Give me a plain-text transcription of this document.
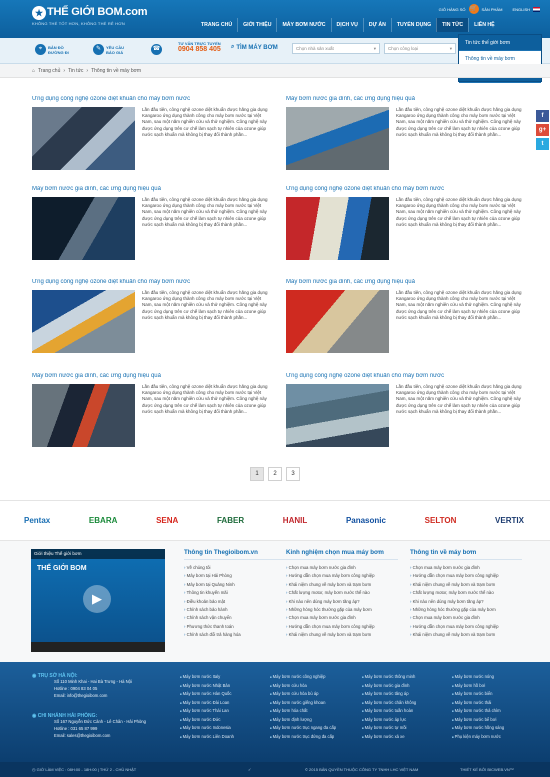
★ THẾ GIỚI BOM.com
KHÔNG THỂ TỐT HƠN, KHÔNG THỂ RẺ HƠN
GIỎ HÀNG SỐ 🛒	SẢN PHẨM	ENGLISH
TRANG CHỦ	GIỚI THIỆU	MÁY BƠM NƯỚC	DỊCH VỤ	DỰ ÁN	TUYỂN DỤNG	TIN TỨC	LIÊN HỆ
⌖	BẢN ĐỒ
ĐƯỜNG ĐI	✎	YÊU CẦU
BÁO GIÁ	☎
TƯ VẤN TRỰC TUYẾN
0904 858 405 ⌕ TÌM MÁY BƠM	Chọn nhà sản xuất	▾	Chọn công loại	▾
Tin tức thế giới bơm
Thông tin về máy bơm
⌂ Trang chủ › Tin tức › Thông tin về máy bơm
f
g+
t
Ứng dụng công nghệ ozone diệt khuẩn cho máy bơm nước
Lần đầu tiên, công nghệ ozone diệt khuẩn được hãng gia dụng Kangaroo ứng dụng thành công cho máy bơm nước tại Việt Nam, sau một năm nghiên cứu và thử nghiệm. Công nghệ này được ứng dụng trên cơ chế làm sạch tự nhiên của ozone giúp nước sạch khuẩn mà không bị thay đổi thành phần...
Máy bơm nước gia đình, các ứng dụng hiệu quả
Lần đầu tiên, công nghệ ozone diệt khuẩn được hãng gia dụng Kangaroo ứng dụng thành công cho máy bơm nước tại Việt Nam, sau một năm nghiên cứu và thử nghiệm. Công nghệ này được ứng dụng trên cơ chế làm sạch tự nhiên của ozone giúp nước sạch khuẩn mà không bị thay đổi thành phần...
Máy bơm nước gia đình, các ứng dụng hiệu quả
Lần đầu tiên, công nghệ ozone diệt khuẩn được hãng gia dụng Kangaroo ứng dụng thành công cho máy bơm nước tại Việt Nam, sau một năm nghiên cứu và thử nghiệm. Công nghệ này được ứng dụng trên cơ chế làm sạch tự nhiên của ozone giúp nước sạch khuẩn mà không bị thay đổi thành phần...
Ứng dụng công nghệ ozone diệt khuẩn cho máy bơm nước
Lần đầu tiên, công nghệ ozone diệt khuẩn được hãng gia dụng Kangaroo ứng dụng thành công cho máy bơm nước tại Việt Nam, sau một năm nghiên cứu và thử nghiệm. Công nghệ này được ứng dụng trên cơ chế làm sạch tự nhiên của ozone giúp nước sạch khuẩn mà không bị thay đổi thành phần...
Ứng dụng công nghệ ozone diệt khuẩn cho máy bơm nước
Lần đầu tiên, công nghệ ozone diệt khuẩn được hãng gia dụng Kangaroo ứng dụng thành công cho máy bơm nước tại Việt Nam, sau một năm nghiên cứu và thử nghiệm. Công nghệ này được ứng dụng trên cơ chế làm sạch tự nhiên của ozone giúp nước sạch khuẩn mà không bị thay đổi thành phần...
Máy bơm nước gia đình, các ứng dụng hiệu quả
Lần đầu tiên, công nghệ ozone diệt khuẩn được hãng gia dụng Kangaroo ứng dụng thành công cho máy bơm nước tại Việt Nam, sau một năm nghiên cứu và thử nghiệm. Công nghệ này được ứng dụng trên cơ chế làm sạch tự nhiên của ozone giúp nước sạch khuẩn mà không bị thay đổi thành phần...
Máy bơm nước gia đình, các ứng dụng hiệu quả
Lần đầu tiên, công nghệ ozone diệt khuẩn được hãng gia dụng Kangaroo ứng dụng thành công cho máy bơm nước tại Việt Nam, sau một năm nghiên cứu và thử nghiệm. Công nghệ này được ứng dụng trên cơ chế làm sạch tự nhiên của ozone giúp nước sạch khuẩn mà không bị thay đổi thành phần...
Ứng dụng công nghệ ozone diệt khuẩn cho máy bơm nước
Lần đầu tiên, công nghệ ozone diệt khuẩn được hãng gia dụng Kangaroo ứng dụng thành công cho máy bơm nước tại Việt Nam, sau một năm nghiên cứu và thử nghiệm. Công nghệ này được ứng dụng trên cơ chế làm sạch tự nhiên của ozone giúp nước sạch khuẩn mà không bị thay đổi thành phần...
1	2	3
Pentax	EBARA	SENA	FABER	HANIL	Panasonic	SELTON	VERTIX
Giới thiệu Thế giới bơm
THẾ GIỚI BOM
▶
Thông tin Thegioibom.vn
› Về chúng tôi
› Máy bơm tại Hải Phòng
› Máy bơm tại Quảng Ninh
› Thông tin khuyến mãi
› Điều khoản bảo mật
› Chính sách bảo hành
› Chính sách vận chuyển
› Phương thức thanh toán
› Chính sách đổi trả hàng hóa
Kinh nghiệm chọn mua máy bơm
› Chọn mua máy bơm nước gia đình
› Hướng dẫn chọn mua máy bơm công nghiệp
› Khái niệm chung về máy bơm và trạm bơm
› Chất lượng motor, máy bơm nước thế nào
› Khi nào nên dùng máy bơm tăng áp?
› Những hỏng hóc thường gặp của máy bơm
› Chọn mua máy bơm nước gia đình
› Hướng dẫn chọn mua máy bơm công nghiệp
› Khái niệm chung về máy bơm và trạm bơm
Thông tin về máy bơm
› Chọn mua máy bơm nước gia đình
› Hướng dẫn chọn mua máy bơm công nghiệp
› Khái niệm chung về máy bơm và trạm bơm
› Chất lượng motor, máy bơm nước thế nào
› Khi nào nên dùng máy bơm tăng áp?
› Những hỏng hóc thường gặp của máy bơm
› Chọn mua máy bơm nước gia đình
› Hướng dẫn chọn mua máy bơm công nghiệp
› Khái niệm chung về máy bơm và trạm bơm
◉ TRỤ SỞ HÀ NỘI:
Số 110 Minh Khai - Hai Bà Trưng - Hà Nội
Hotline : 0904 83 04 05
Email: info@thegioibom.com
◉ CHI NHÁNH HẢI PHÒNG:
Số 167 Nguyễn Đức Cảnh - Lê Chân - Hải Phòng
Hotline : 031 65 87 999
Email: sales@thegioibom.com
■ Máy bơm nước Italy
■ Máy bơm nước Nhật Bản
■ Máy bơm nước Hàn Quốc
■ Máy bơm nước Đài Loan
■ Máy bơm nước Thái Lan
■ Máy bơm nước Đức
■ Máy bơm nước Indonesia
■ Máy bơm nước Liên Doanh
■ Máy bơm nước công nghiệp
■ Máy bơm cứu hỏa
■ Máy bơm cứu hỏa bù áp
■ Máy bơm nước giếng khoan
■ Máy bơm hóa chất
■ Máy bơm định lượng
■ Máy bơm nước trục ngang đa cấp
■ Máy bơm nước trục đứng đa cấp
■ Máy bơm nước thông minh
■ Máy bơm nước gia đình
■ Máy bơm nước tăng áp
■ Máy bơm nước chân không
■ Máy bơm nước tuần hoàn
■ Máy bơm nước áp lực
■ Máy bơm nước tự mồi
■ Máy bơm nước xả xe
■ Máy bơm nước nóng
■ Máy bơm hồ bơi
■ Máy bơm nước biển
■ Máy bơm nước thải
■ Máy bơm nước thả chìm
■ Máy bơm nước bể bơi
■ Máy bơm nước hồng sáng
■ Phụ kiện máy bơm nước
◷ GIỜ LÀM VIỆC : 08H:00 - 18H:00 | THỨ 2 - CHỦ NHẬT	✓	© 2015 BẢN QUYỀN THUỘC CÔNG TY TNHH LHC VIỆT NAM	THIẾT KẾ BỞI BICWEB.VN™
